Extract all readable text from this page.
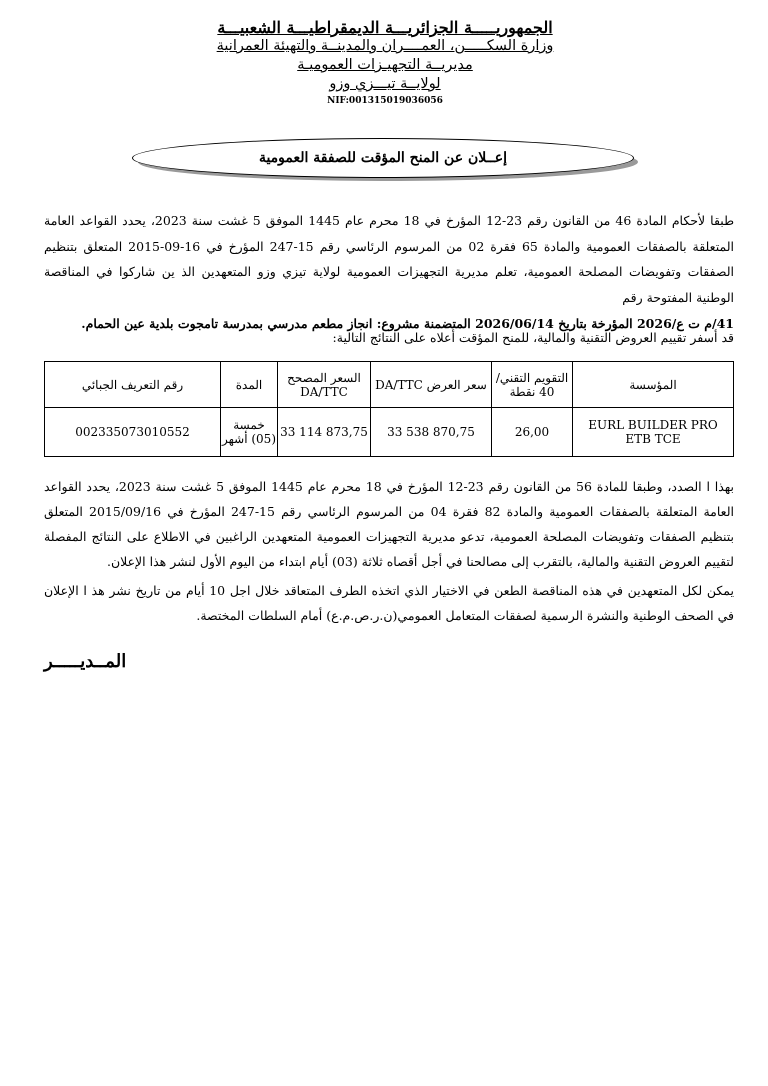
الجمهوريـــــة الجزائريـــة الديمقراطيـــة الشعبيـــة
وزارة السكـــــن، العمــــران والمدينــة والتهيئة العمرانية
مديريــة التجهيـزات العموميـة
لولايــة تيـــزي وزو
NIF:001315019036056
إعــلان عن المنح المؤقت للصفقة العمومية
طبقا لأحكام المادة 46 من القانون رقم 23-12 المؤرخ في 18 محرم عام 1445 الموفق 5 غشت سنة 2023، يحدد القواعد العامة المتعلقة بالصفقات العمومية والمادة 65 فقرة 02 من المرسوم الرئاسي رقم 15-247 المؤرخ في 16-09-2015 المتعلق بتنظيم الصفقات وتفويضات المصلحة العمومية، تعلم مديرية التجهيزات العمومية لولاية تيزي وزو المتعهدين الذ ين شاركوا في المناقصة الوطنية المفتوحة رقم
41/م ت ع/2026 المؤرخة بتاريخ 2026/06/14 المتضمنة مشروع: انجاز مطعم مدرسي بمدرسة تامجوت بلدية عين الحمام.
قد أسفر تقييم العروض التقنية والمالية، للمنح المؤقت أعلاه على النتائج التالية:
المؤسسة	التقويم التقني/ 40 نقطة	سعر العرض DA/TTC	السعر المصحح DA/TTC	المدة	رقم التعريف الجبائي
EURL BUILDER PRO ETB TCE	26,00	33 538 870,75	33 114 873,75	خمسة (05) أشهر	002335073010552
بهذا ا الصدد، وطبقا للمادة 56 من القانون رقم 23-12 المؤرخ في 18 محرم عام 1445 الموفق 5 غشت سنة 2023، يحدد القواعد العامة المتعلقة بالصفقات العمومية والمادة 82 فقرة 04 من المرسوم الرئاسي رقم 15-247 المؤرخ في 2015/09/16 المتعلق بتنظيم الصفقات وتفويضات المصلحة العمومية، تدعو مديرية التجهيزات العمومية المتعهدين الراغبين في الاطلاع على النتائج المفصلة لتقييم العروض التقنية والمالية، بالتقرب إلى مصالحنا في أجل أقصاه ثلاثة (03) أيام ابتداء من اليوم الأول لنشر هذا الإعلان.
يمكن لكل المتعهدين في هذه المناقصة الطعن في الاختيار الذي اتخذه الطرف المتعاقد خلال اجل 10 أيام من تاريخ نشر هذ ا الإعلان في الصحف الوطنية والنشرة الرسمية لصفقات المتعامل العمومي(ن.ر.ص.م.ع) أمام السلطات المختصة.
المــديـــــر
